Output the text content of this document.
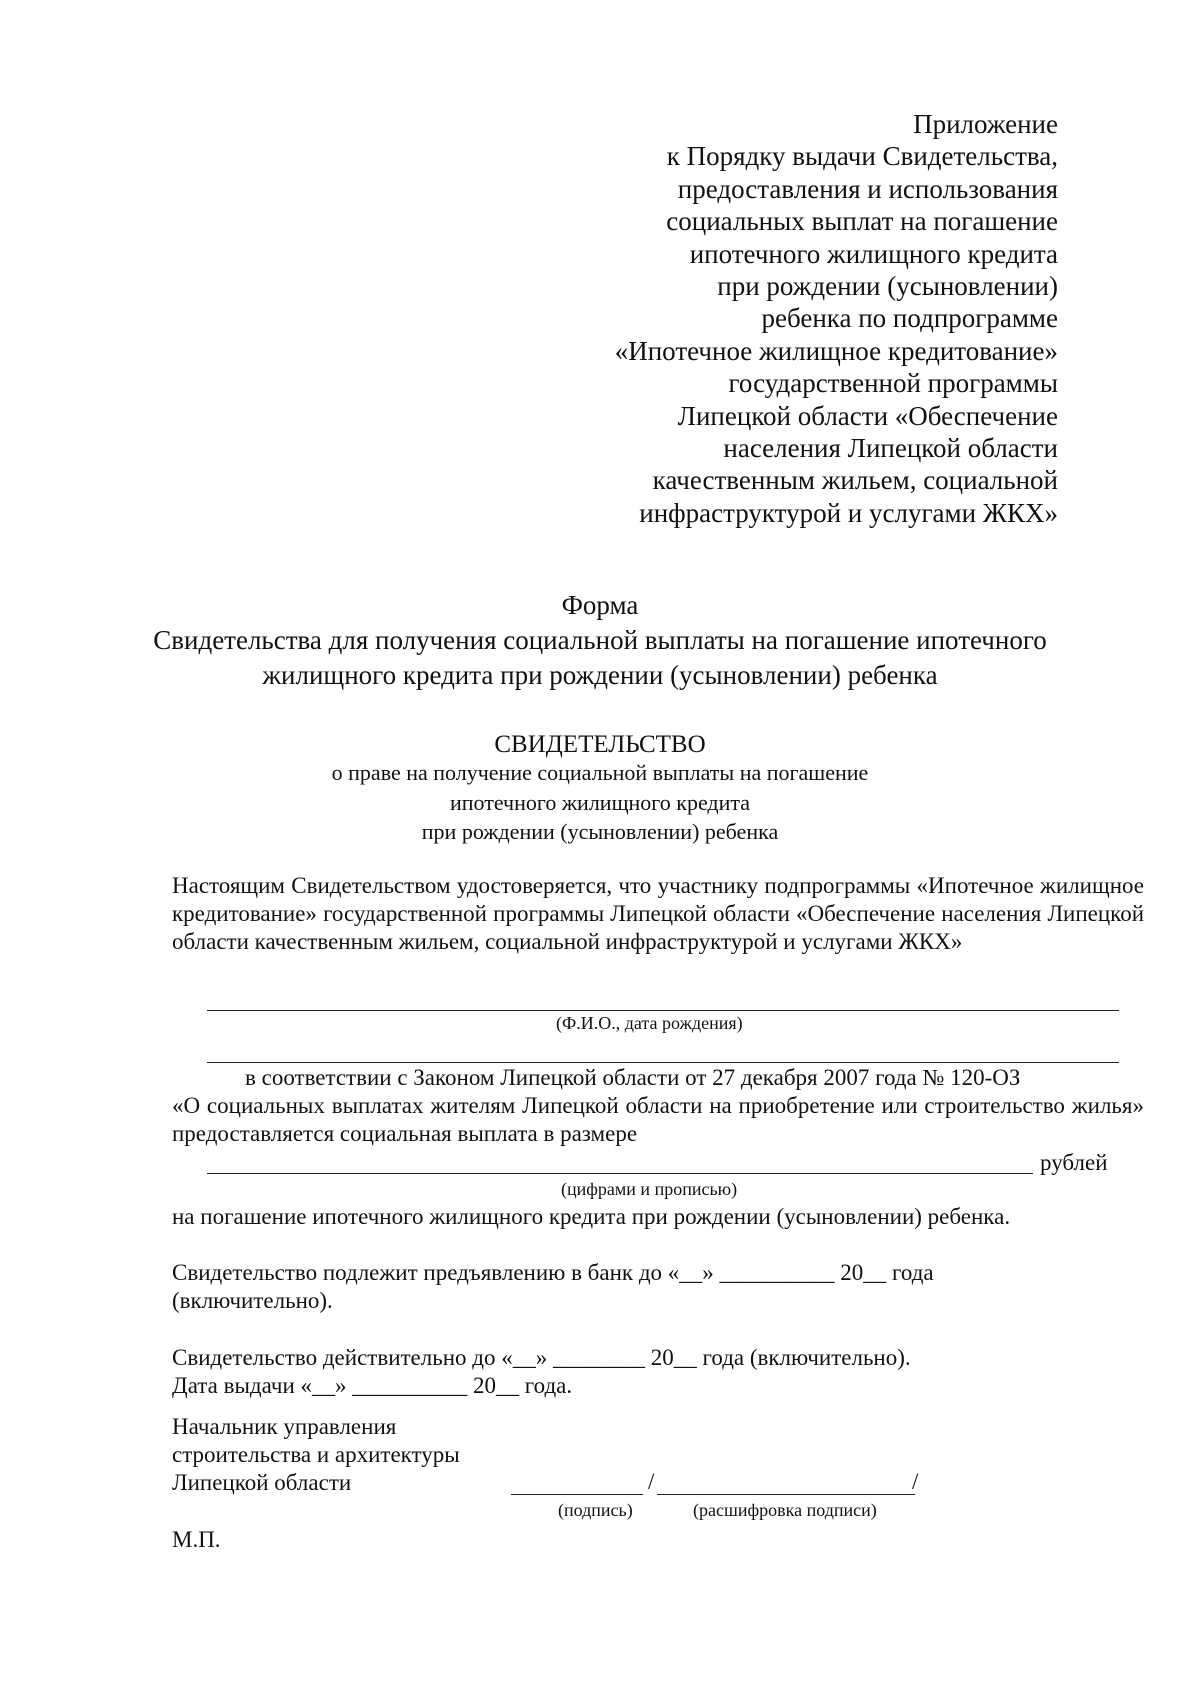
Приложение
к Порядку выдачи Свидетельства,
предоставления и использования
социальных выплат на погашение
ипотечного жилищного кредита
при рождении (усыновлении)
ребенка по подпрограмме
«Ипотечное жилищное кредитование»
государственной программы
Липецкой области «Обеспечение
населения Липецкой области
качественным жильем, социальной
инфраструктурой и услугами ЖКХ»
Форма
Свидетельства для получения социальной выплаты на погашение ипотечного
жилищного кредита при рождении (усыновлении) ребенка
СВИДЕТЕЛЬСТВО
о праве на получение социальной выплаты на погашение
ипотечного жилищного кредита
при рождении (усыновлении) ребенка
Настоящим Свидетельством удостоверяется, что участнику подпрограммы «Ипотечное жилищное кредитование» государственной программы Липецкой области «Обеспечение населения Липецкой области качественным жильем, социальной инфраструктурой и услугами ЖКХ»
(Ф.И.О., дата рождения)
в соответствии с Законом Липецкой области от 27 декабря 2007 года № 120-ОЗ
«О социальных выплатах жителям Липецкой области на приобретение или строительство жилья» предоставляется социальная выплата в размере
рублей
(цифрами и прописью)
на погашение ипотечного жилищного кредита при рождении (усыновлении) ребенка.
Свидетельство подлежит предъявлению в банк до «__» __________ 20__ года
(включительно).
Свидетельство действительно до «__» ________ 20__ года (включительно).
Дата выдачи «__» __________ 20__ года.
Начальник управления
строительства и архитектуры
Липецкой области	/	/
(подпись)	(расшифровка подписи)
М.П.
